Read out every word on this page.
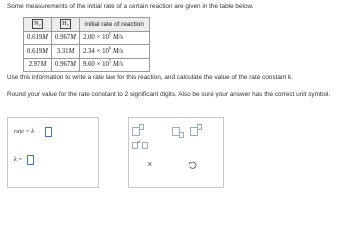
Some measurements of the initial rate of a certain reaction are given in the table below.
N₂	H₂	initial rate of reaction
0.619M	0.967M	$2.00 \times 10^5$ M/s
0.619M	3.31M	$2.34 \times 10^6$ M/s
2.97M	0.967M	$9.60 \times 10^5$ M/s
Use this information to write a rate law for this reaction, and calculate the value of the rate constant k.
Round your value for the rate constant to 2 significant digits. Also be sure your answer has the correct unit symbol.
rate = k
k =
×
×
